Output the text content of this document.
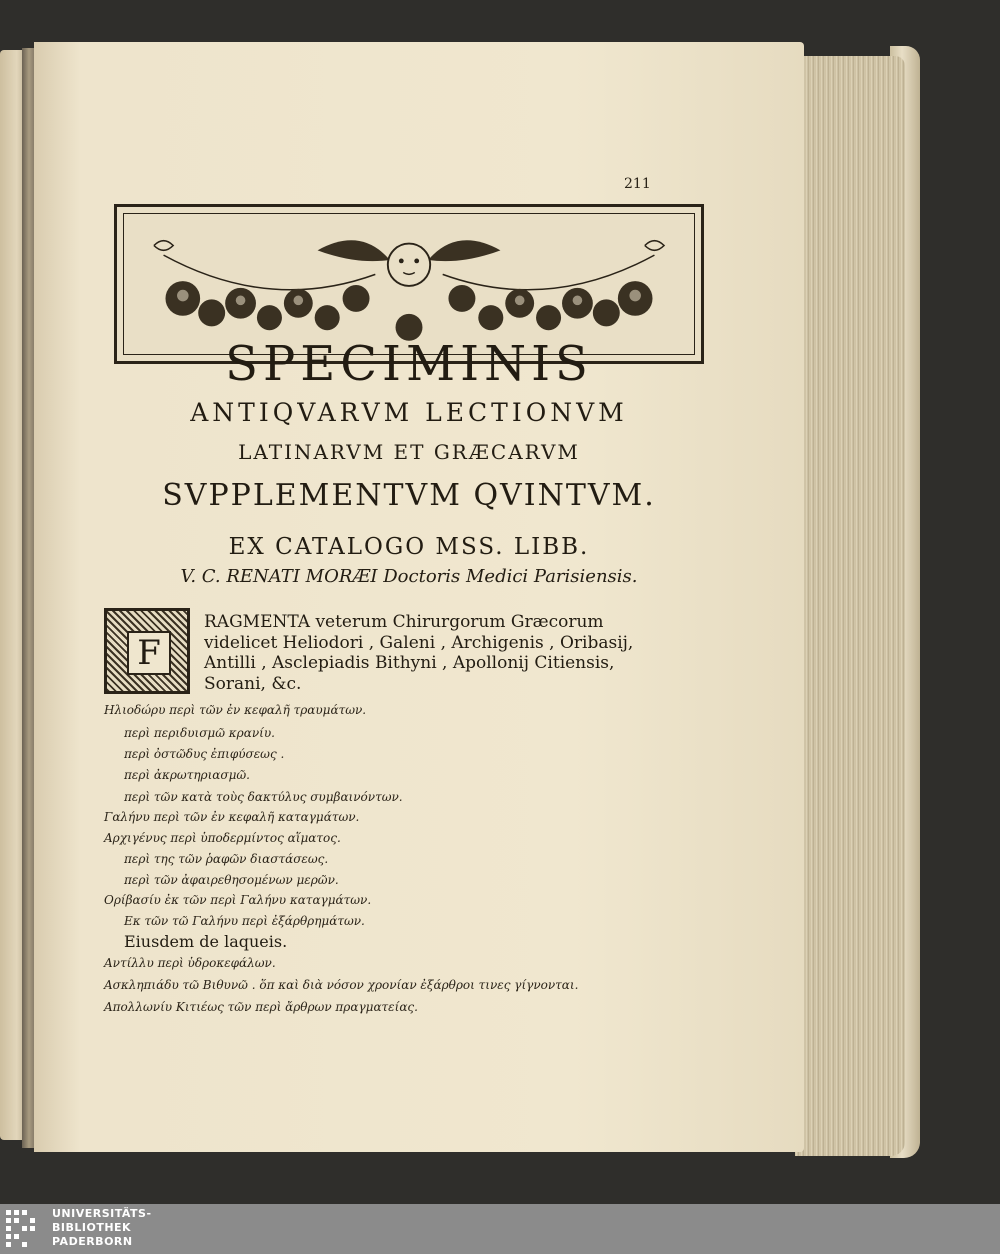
211
SPECIMINIS
ANTIQVARVM LECTIONVM
LATINARVM ET GRÆCARVM
SVPPLEMENTVM QVINTVM.
EX CATALOGO MSS. LIBB.
V. C. RENATI MORÆI Doctoris Medici Parisiensis.
F
RAGMENTA veterum Chirurgorum Græcorum videlicet Heliodori , Galeni , Archigenis , Oribasij, Antilli , Asclepiadis Bithyni , Apollonij Citiensis, Sorani, &c.
Ηλιοδώρυ περὶ τῶν ἐν κεφαλῆ τραυμάτων.
περὶ περιδυισμῶ κρανίυ.
περὶ ὀστῶδυς ἐπιφύσεως .
περὶ ἀκρωτηριασμῶ.
περὶ τῶν κατὰ τοὺς δακτύλυς συμβαινόντων.
Γαλήνυ περὶ τῶν ἐν κεφαλῆ καταγμάτων.
Αρχιγένυς περὶ ὑποδερμίντος αἵματος.
περὶ της τῶν ῥαφῶν διαστάσεως.
περὶ τῶν ἀφαιρεθησομένων μερῶν.
Ορίβασίυ ἐκ τῶν περὶ Γαλήνυ καταγμάτων.
Εκ τῶν τῶ Γαλήνυ περὶ ἐξάρθρημάτων.
Eiusdem de laqueis.
Αντίλλυ περὶ ὑδροκεφάλων.
Ασκληπιάδυ τῶ Βιθυνῶ . ὅπ καὶ διὰ νόσον χρονίαν ἐξάρθροι τινες γίγνονται.
Απολλωνίυ Κιτιέως τῶν περὶ ἄρθρων πραγματείας.
UNIVERSITÄTS-
BIBLIOTHEK
PADERBORN
